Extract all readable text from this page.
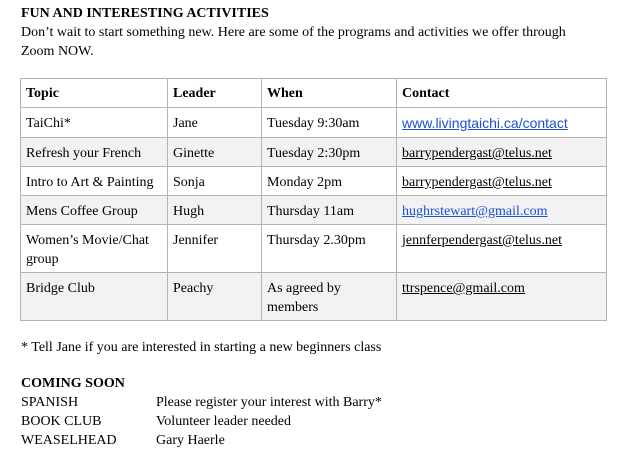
FUN AND INTERESTING ACTIVITIES
Don’t wait to start something new. Here are some of the programs and activities we offer through Zoom NOW.
Topic	Leader	When	Contact
TaiChi*	Jane	Tuesday 9:30am	www.livingtaichi.ca/contact
Refresh your French	Ginette	Tuesday 2:30pm	barrypendergast@telus.net
Intro to Art & Painting	Sonja	Monday 2pm	barrypendergast@telus.net
Mens Coffee Group	Hugh	Thursday 11am	hughrstewart@gmail.com
Women’s Movie/Chat group	Jennifer	Thursday 2.30pm	jennferpendergast@telus.net
Bridge Club	Peachy	As agreed by members	ttrspence@gmail.com
* Tell Jane if you are interested in starting a new beginners class
COMING SOON
SPANISH	Please register your interest with Barry*
BOOK CLUB	Volunteer leader needed
WEASELHEAD	Gary Haerle
